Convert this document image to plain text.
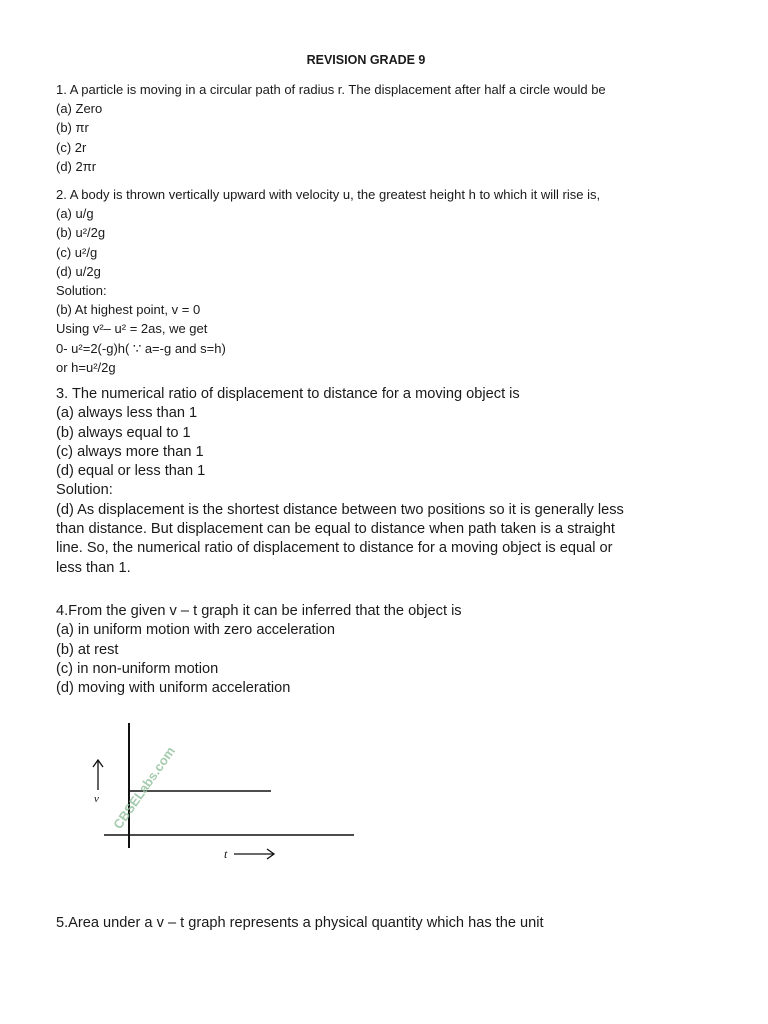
REVISION GRADE 9
1. A particle is moving in a circular path of radius r. The displacement after half a circle would be
(a) Zero
(b) πr
(c) 2r
(d) 2πr
2. A body is thrown vertically upward with velocity u, the greatest height h to which it will rise is,
(a) u/g
(b) u²/2g
(c) u²/g
(d) u/2g
Solution:
(b) At highest point, v = 0
Using v²– u² = 2as, we get
0- u²=2(-g)h( ∵ a=-g and s=h)
or h=u²/2g
3. The numerical ratio of displacement to distance for a moving object is
(a) always less than 1
(b) always equal to 1
(c) always more than 1
(d) equal or less than 1
Solution:
(d) As displacement is the shortest distance between two positions so it is generally less
than distance. But displacement can be equal to distance when path taken is a straight
line. So, the numerical ratio of displacement to distance for a moving object is equal or
less than 1.
4.From the given v – t graph it can be inferred that the object is
(a) in uniform motion with zero acceleration
(b) at rest
(c) in non-uniform motion
(d) moving with uniform acceleration
v
t
CBSELabs.com
5.Area under a v – t graph represents a physical quantity which has the unit
